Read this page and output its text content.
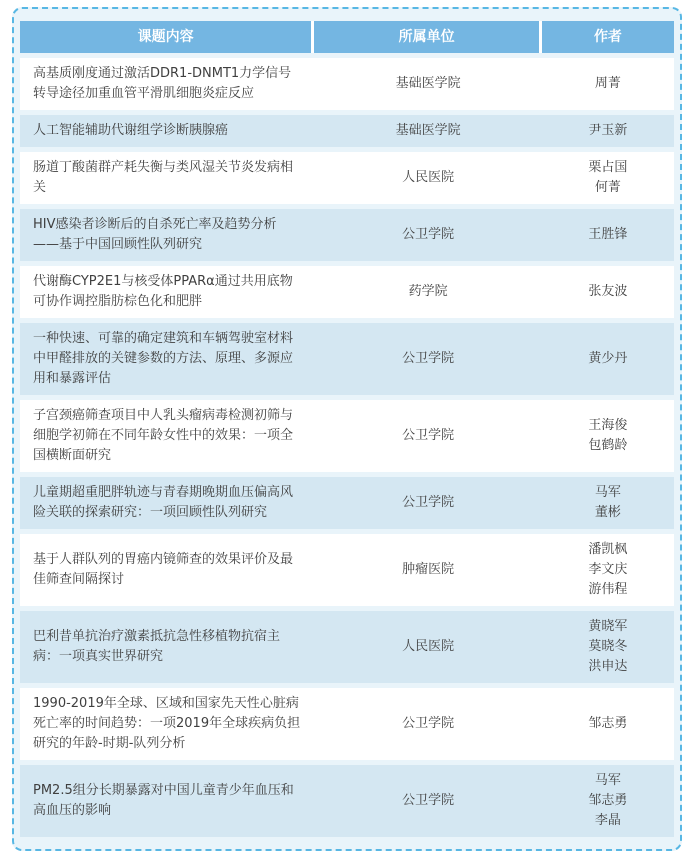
课题内容	所属单位	作者
高基质刚度通过激活DDR1-DNMT1力学信号转导途径加重血管平滑肌细胞炎症反应	基础医学院	周菁

人工智能辅助代谢组学诊断胰腺癌	基础医学院	尹玉新

肠道丁酸菌群产耗失衡与类风湿关节炎发病相关	人民医院	栗占国
何菁

HIV感染者诊断后的自杀死亡率及趋势分析——基于中国回顾性队列研究	公卫学院	王胜锋

代谢酶CYP2E1与核受体PPARα通过共用底物可协作调控脂肪棕色化和肥胖	药学院	张友波

一种快速、可靠的确定建筑和车辆驾驶室材料中甲醛排放的关键参数的方法、原理、多源应用和暴露评估	公卫学院	黄少丹

子宫颈癌筛查项目中人乳头瘤病毒检测初筛与细胞学初筛在不同年龄女性中的效果：一项全国横断面研究	公卫学院	王海俊
包鹤龄

儿童期超重肥胖轨迹与青春期晚期血压偏高风险关联的探索研究：一项回顾性队列研究	公卫学院	马军
董彬

基于人群队列的胃癌内镜筛查的效果评价及最佳筛查间隔探讨	肿瘤医院	潘凯枫
李文庆
游伟程

巴利昔单抗治疗激素抵抗急性移植物抗宿主病：一项真实世界研究	人民医院	黄晓军
莫晓冬
洪申达

1990-2019年全球、区域和国家先天性心脏病死亡率的时间趋势：一项2019年全球疾病负担研究的年龄-时期-队列分析	公卫学院	邹志勇

PM2.5组分长期暴露对中国儿童青少年血压和高血压的影响	公卫学院	马军
邹志勇
李晶
